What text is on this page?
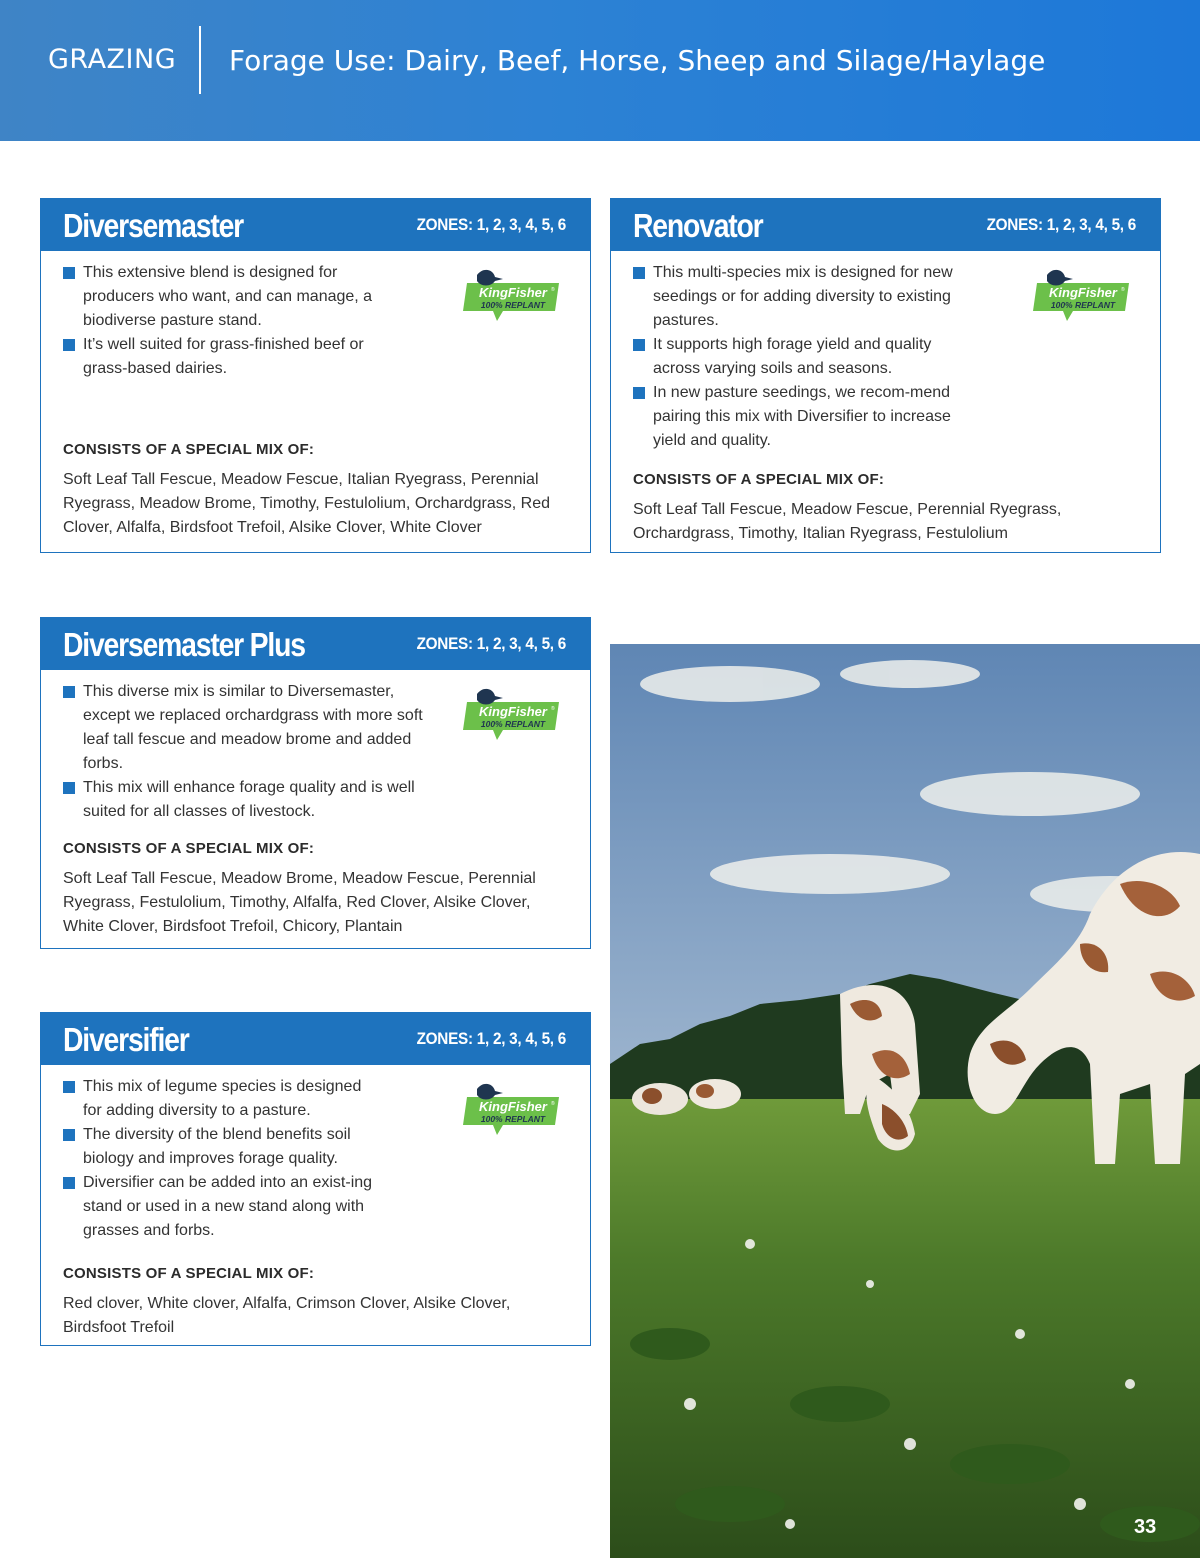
GRAZING Forage Use: Dairy, Beef, Horse, Sheep and Silage/Haylage
Diversemaster	ZONES: 1, 2, 3, 4, 5, 6
This extensive blend is designed for producers who want, and can manage, a biodiverse pasture stand.
It’s well suited for grass-finished beef or grass-based dairies.
KingFisher ®
100% REPLANT
CONSISTS OF A SPECIAL MIX OF:
Soft Leaf Tall Fescue, Meadow Fescue, Italian Ryegrass, Perennial Ryegrass, Meadow Brome, Timothy, Festulolium, Orchardgrass, Red Clover, Alfalfa, Birdsfoot Trefoil, Alsike Clover, White Clover
Renovator	ZONES: 1, 2, 3, 4, 5, 6
This multi-species mix is designed for new seedings or for adding diversity to existing pastures.
It supports high forage yield and quality across varying soils and seasons.
In new pasture seedings, we recom-mend pairing this mix with Diversifier to increase yield and quality.
KingFisher ®
100% REPLANT
CONSISTS OF A SPECIAL MIX OF:
Soft Leaf Tall Fescue, Meadow Fescue, Perennial Ryegrass, Orchardgrass, Timothy, Italian Ryegrass, Festulolium
Diversemaster Plus	ZONES: 1, 2, 3, 4, 5, 6
This diverse mix is similar to Diversemaster, except we replaced orchardgrass with more soft leaf tall fescue and meadow brome and added forbs.
This mix will enhance forage quality and is well suited for all classes of livestock.
KingFisher ®
100% REPLANT
CONSISTS OF A SPECIAL MIX OF:
Soft Leaf Tall Fescue, Meadow Brome, Meadow Fescue, Perennial Ryegrass, Festulolium, Timothy, Alfalfa, Red Clover, Alsike Clover, White Clover, Birdsfoot Trefoil, Chicory, Plantain
Diversifier	ZONES: 1, 2, 3, 4, 5, 6
This mix of legume species is designed for adding diversity to a pasture.
The diversity of the blend benefits soil biology and improves forage quality.
Diversifier can be added into an exist-ing stand or used in a new stand along with grasses and forbs.
KingFisher ®
100% REPLANT
CONSISTS OF A SPECIAL MIX OF:
Red clover, White clover, Alfalfa, Crimson Clover, Alsike Clover, Birdsfoot Trefoil
33
